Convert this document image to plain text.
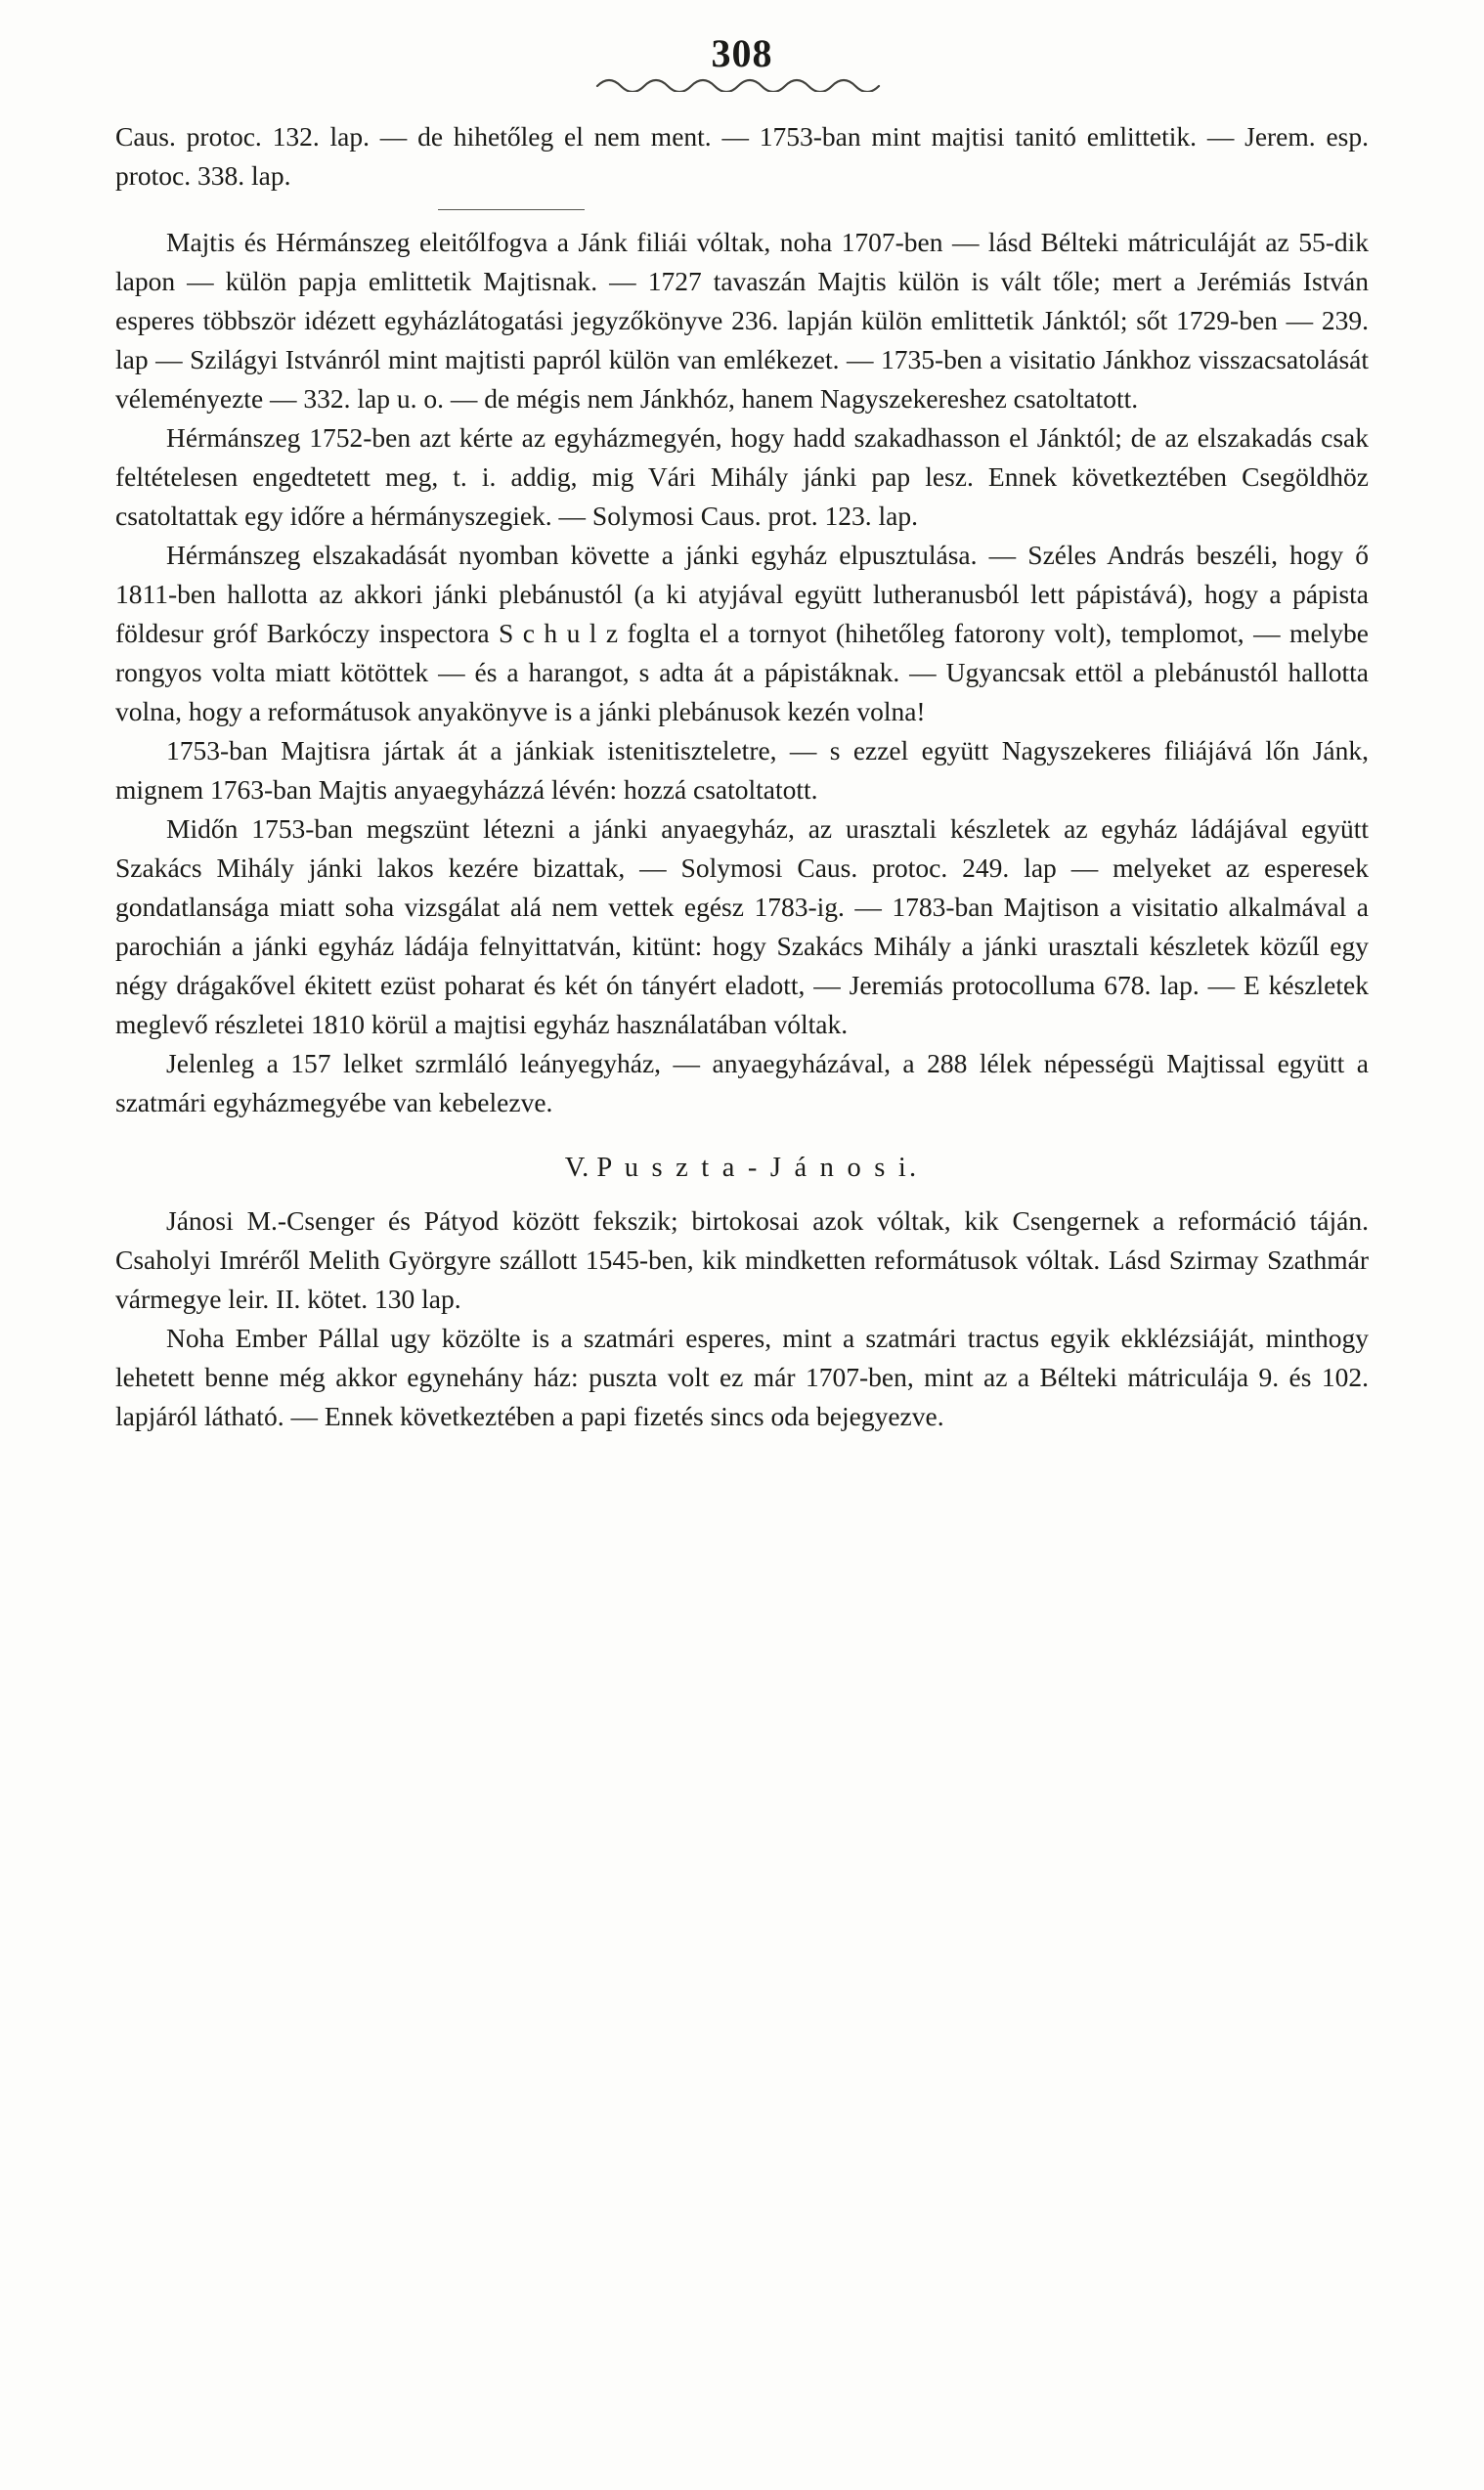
308

Caus. protoc. 132. lap. — de hihetőleg el nem ment. — 1753-ban mint majtisi tanitó emlittetik. — Jerem. esp. protoc. 338. lap.

Majtis és Hérmánszeg eleitőlfogva a Jánk filiái vóltak, noha 1707-ben — lásd Bélteki mátriculáját az 55-dik lapon — külön papja emlittetik Majtisnak. — 1727 tavaszán Majtis külön is vált tőle; mert a Jerémiás István esperes többször idézett egyházlátogatási jegyzőkönyve 236. lapján külön emlittetik Jánktól; sőt 1729-ben — 239. lap — Szilágyi Istvánról mint majtisti papról külön van emlékezet. — 1735-ben a visitatio Jánkhoz visszacsatolását véleményezte — 332. lap u. o. — de mégis nem Jánkhóz, hanem Nagyszekereshez csatoltatott.

Hérmánszeg 1752-ben azt kérte az egyházmegyén, hogy hadd szakadhasson el Jánktól; de az elszakadás csak feltételesen engedtetett meg, t. i. addig, mig Vári Mihály jánki pap lesz. Ennek következtében Csegöldhöz csatoltattak egy időre a hérmányszegiek. — Solymosi Caus. prot. 123. lap.

Hérmánszeg elszakadását nyomban követte a jánki egyház elpusztulása. — Széles András beszéli, hogy ő 1811-ben hallotta az akkori jánki plebánustól (a ki atyjával együtt lutheranusból lett pápistává), hogy a pápista földesur gróf Barkóczy inspectora S c h u l z foglta el a tornyot (hihetőleg fatorony volt), templomot, — melybe rongyos volta miatt kötöttek — és a harangot, s adta át a pápistáknak. — Ugyancsak ettöl a plebánustól hallotta volna, hogy a reformátusok anyakönyve is a jánki plebánusok kezén volna!

1753-ban Majtisra jártak át a jánkiak istenitiszteletre, — s ezzel együtt Nagyszekeres filiájává lőn Jánk, mignem 1763-ban Majtis anyaegyházzá lévén: hozzá csatoltatott.

Midőn 1753-ban megszünt létezni a jánki anyaegyház, az urasztali készletek az egyház ládájával együtt Szakács Mihály jánki lakos kezére bizattak, — Solymosi Caus. protoc. 249. lap — melyeket az esperesek gondatlansága miatt soha vizsgálat alá nem vettek egész 1783-ig. — 1783-ban Majtison a visitatio alkalmával a parochián a jánki egyház ládája felnyittatván, kitünt: hogy Szakács Mihály a jánki urasztali készletek közűl egy négy drágakővel ékitett ezüst poharat és két ón tányért eladott, — Jeremiás protocolluma 678. lap. — E készletek meglevő részletei 1810 körül a majtisi egyház használatában vóltak.

Jelenleg a 157 lelket szrmláló leányegyház, — anyaegyházával, a 288 lélek népességü Majtissal együtt a szatmári egyházmegyébe van kebelezve.

V. P u s z t a - J á n o s i.

Jánosi M.-Csenger és Pátyod között fekszik; birtokosai azok vóltak, kik Csengernek a reformáció táján. Csaholyi Imréről Melith Györgyre szállott 1545-ben, kik mindketten reformátusok vóltak. Lásd Szirmay Szathmár vármegye leir. II. kötet. 130 lap.

Noha Ember Pállal ugy közölte is a szatmári esperes, mint a szatmári tractus egyik ekklézsiáját, minthogy lehetett benne még akkor egynehány ház: puszta volt ez már 1707-ben, mint az a Bélteki mátriculája 9. és 102. lapjáról látható. — Ennek következtében a papi fizetés sincs oda bejegyezve.
